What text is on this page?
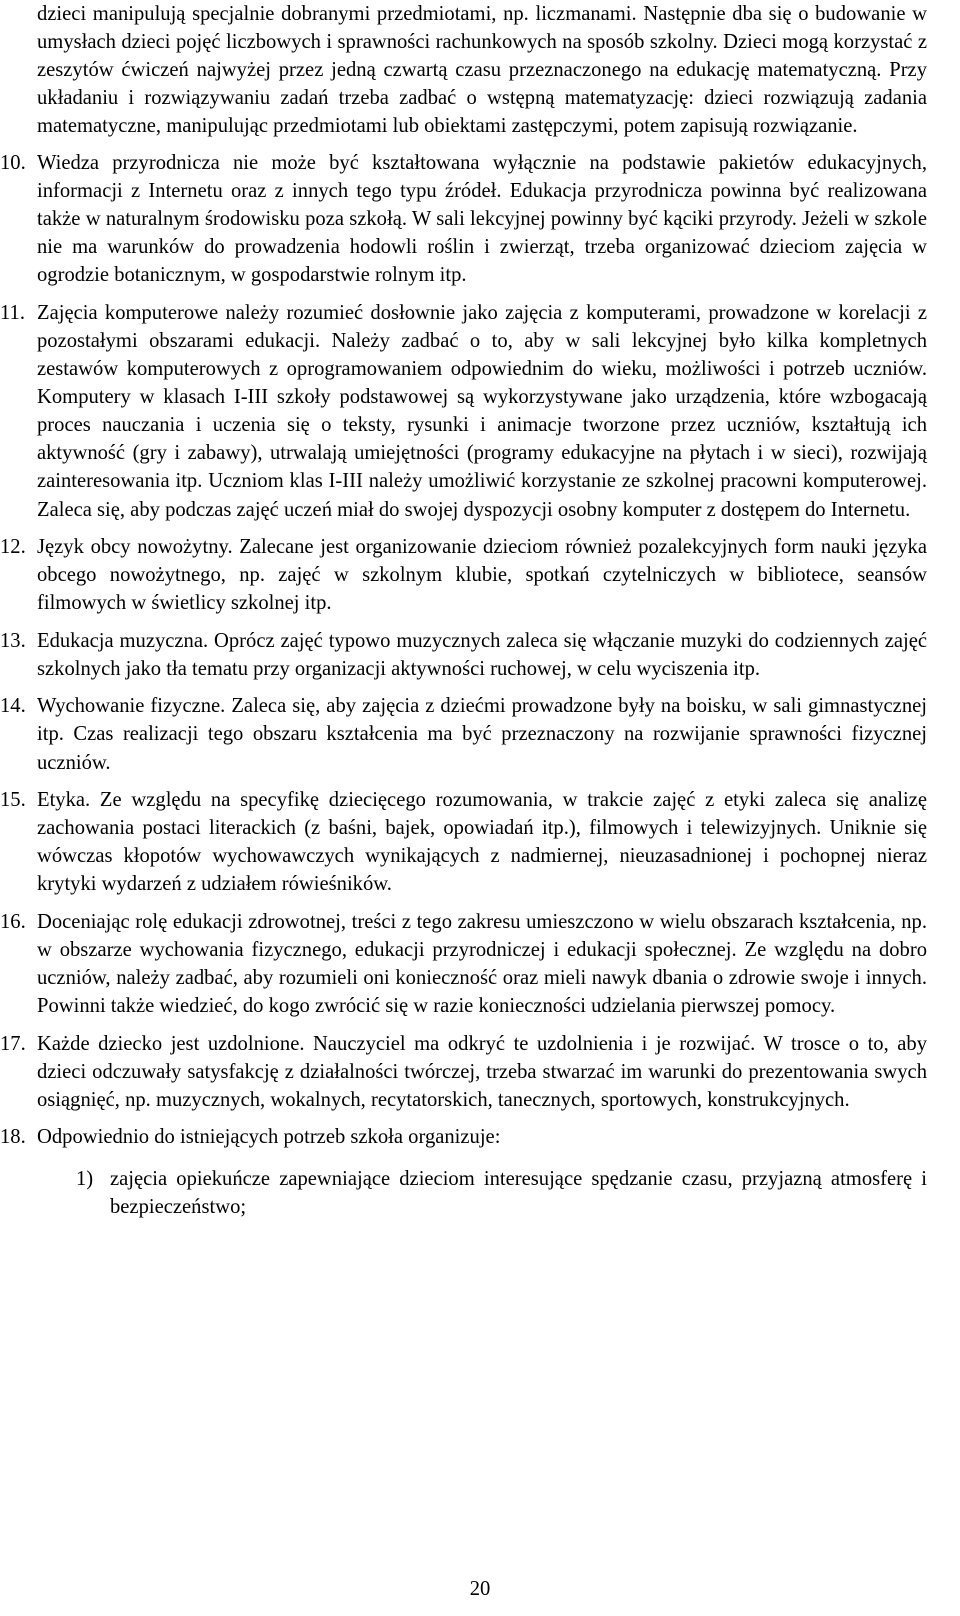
dzieci manipulują specjalnie dobranymi przedmiotami, np. liczmanami. Następnie dba się o budowanie w umysłach dzieci pojęć liczbowych i sprawności rachunkowych na sposób szkolny. Dzieci mogą korzystać z zeszytów ćwiczeń najwyżej przez jedną czwartą czasu przeznaczonego na edukację matematyczną. Przy układaniu i rozwiązywaniu zadań trzeba zadbać o wstępną matematyzację: dzieci rozwiązują zadania matematyczne, manipulując przedmiotami lub obiektami zastępczymi, potem zapisują rozwiązanie.

10. Wiedza przyrodnicza nie może być kształtowana wyłącznie na podstawie pakietów edukacyjnych, informacji z Internetu oraz z innych tego typu źródeł. Edukacja przyrodnicza powinna być realizowana także w naturalnym środowisku poza szkołą. W sali lekcyjnej powinny być kąciki przyrody. Jeżeli w szkole nie ma warunków do prowadzenia hodowli roślin i zwierząt, trzeba organizować dzieciom zajęcia w ogrodzie botanicznym, w gospodarstwie rolnym itp.
11. Zajęcia komputerowe należy rozumieć dosłownie jako zajęcia z komputerami, prowadzone w korelacji z pozostałymi obszarami edukacji. Należy zadbać o to, aby w sali lekcyjnej było kilka kompletnych zestawów komputerowych z oprogramowaniem odpowiednim do wieku, możliwości i potrzeb uczniów. Komputery w klasach I-III szkoły podstawowej są wykorzystywane jako urządzenia, które wzbogacają proces nauczania i uczenia się o teksty, rysunki i animacje tworzone przez uczniów, kształtują ich aktywność (gry i zabawy), utrwalają umiejętności (programy edukacyjne na płytach i w sieci), rozwijają zainteresowania itp. Uczniom klas I-III należy umożliwić korzystanie ze szkolnej pracowni komputerowej. Zaleca się, aby podczas zajęć uczeń miał do swojej dyspozycji osobny komputer z dostępem do Internetu.
12. Język obcy nowożytny. Zalecane jest organizowanie dzieciom również pozalekcyjnych form nauki języka obcego nowożytnego, np. zajęć w szkolnym klubie, spotkań czytelniczych w bibliotece, seansów filmowych w świetlicy szkolnej itp.
13. Edukacja muzyczna. Oprócz zajęć typowo muzycznych zaleca się włączanie muzyki do codziennych zajęć szkolnych jako tła tematu przy organizacji aktywności ruchowej, w celu wyciszenia itp.
14. Wychowanie fizyczne. Zaleca się, aby zajęcia z dziećmi prowadzone były na boisku, w sali gimnastycznej itp. Czas realizacji tego obszaru kształcenia ma być przeznaczony na rozwijanie sprawności fizycznej uczniów.
15. Etyka. Ze względu na specyfikę dziecięcego rozumowania, w trakcie zajęć z etyki zaleca się analizę zachowania postaci literackich (z baśni, bajek, opowiadań itp.), filmowych i telewizyjnych. Uniknie się wówczas kłopotów wychowawczych wynikających z nadmiernej, nieuzasadnionej i pochopnej nieraz krytyki wydarzeń z udziałem rówieśników.
16. Doceniając rolę edukacji zdrowotnej, treści z tego zakresu umieszczono w wielu obszarach kształcenia, np. w obszarze wychowania fizycznego, edukacji przyrodniczej i edukacji społecznej. Ze względu na dobro uczniów, należy zadbać, aby rozumieli oni konieczność oraz mieli nawyk dbania o zdrowie swoje i innych. Powinni także wiedzieć, do kogo zwrócić się w razie konieczności udzielania pierwszej pomocy.
17. Każde dziecko jest uzdolnione. Nauczyciel ma odkryć te uzdolnienia i je rozwijać. W trosce o to, aby dzieci odczuwały satysfakcję z działalności twórczej, trzeba stwarzać im warunki do prezentowania swych osiągnięć, np. muzycznych, wokalnych, recytatorskich, tanecznych, sportowych, konstrukcyjnych.
18. Odpowiednio do istniejących potrzeb szkoła organizuje:
1) zajęcia opiekuńcze zapewniające dzieciom interesujące spędzanie czasu, przyjazną atmosferę i bezpieczeństwo;
20
